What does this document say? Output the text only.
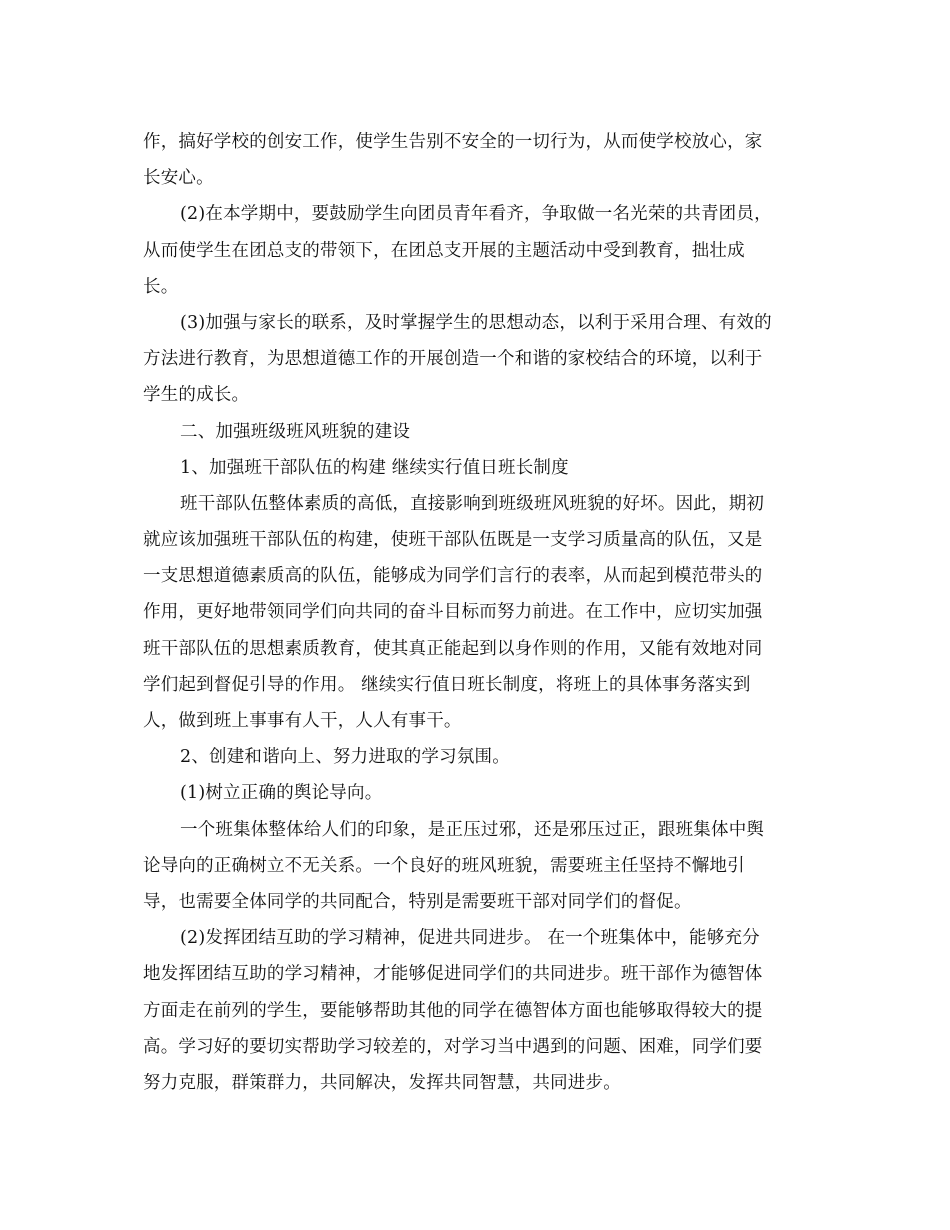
作，搞好学校的创安工作，使学生告别不安全的一切行为，从而使学校放心，家
长安心。
(2)在本学期中，要鼓励学生向团员青年看齐，争取做一名光荣的共青团员，
从而使学生在团总支的带领下，在团总支开展的主题活动中受到教育，拙壮成
长。
(3)加强与家长的联系，及时掌握学生的思想动态，以利于采用合理、有效的
方法进行教育，为思想道德工作的开展创造一个和谐的家校结合的环境，以利于
学生的成长。
二、加强班级班风班貌的建设
1、加强班干部队伍的构建 继续实行值日班长制度
班干部队伍整体素质的高低，直接影响到班级班风班貌的好坏。因此，期初
就应该加强班干部队伍的构建，使班干部队伍既是一支学习质量高的队伍，又是
一支思想道德素质高的队伍，能够成为同学们言行的表率，从而起到模范带头的
作用，更好地带领同学们向共同的奋斗目标而努力前进。在工作中，应切实加强
班干部队伍的思想素质教育，使其真正能起到以身作则的作用，又能有效地对同
学们起到督促引导的作用。 继续实行值日班长制度，将班上的具体事务落实到
人，做到班上事事有人干，人人有事干。
2、创建和谐向上、努力进取的学习氛围。
(1)树立正确的舆论导向。
一个班集体整体给人们的印象，是正压过邪，还是邪压过正，跟班集体中舆
论导向的正确树立不无关系。一个良好的班风班貌，需要班主任坚持不懈地引
导，也需要全体同学的共同配合，特别是需要班干部对同学们的督促。
(2)发挥团结互助的学习精神，促进共同进步。 在一个班集体中，能够充分
地发挥团结互助的学习精神，才能够促进同学们的共同进步。班干部作为德智体
方面走在前列的学生，要能够帮助其他的同学在德智体方面也能够取得较大的提
高。学习好的要切实帮助学习较差的，对学习当中遇到的问题、困难，同学们要
努力克服，群策群力，共同解决，发挥共同智慧，共同进步。
